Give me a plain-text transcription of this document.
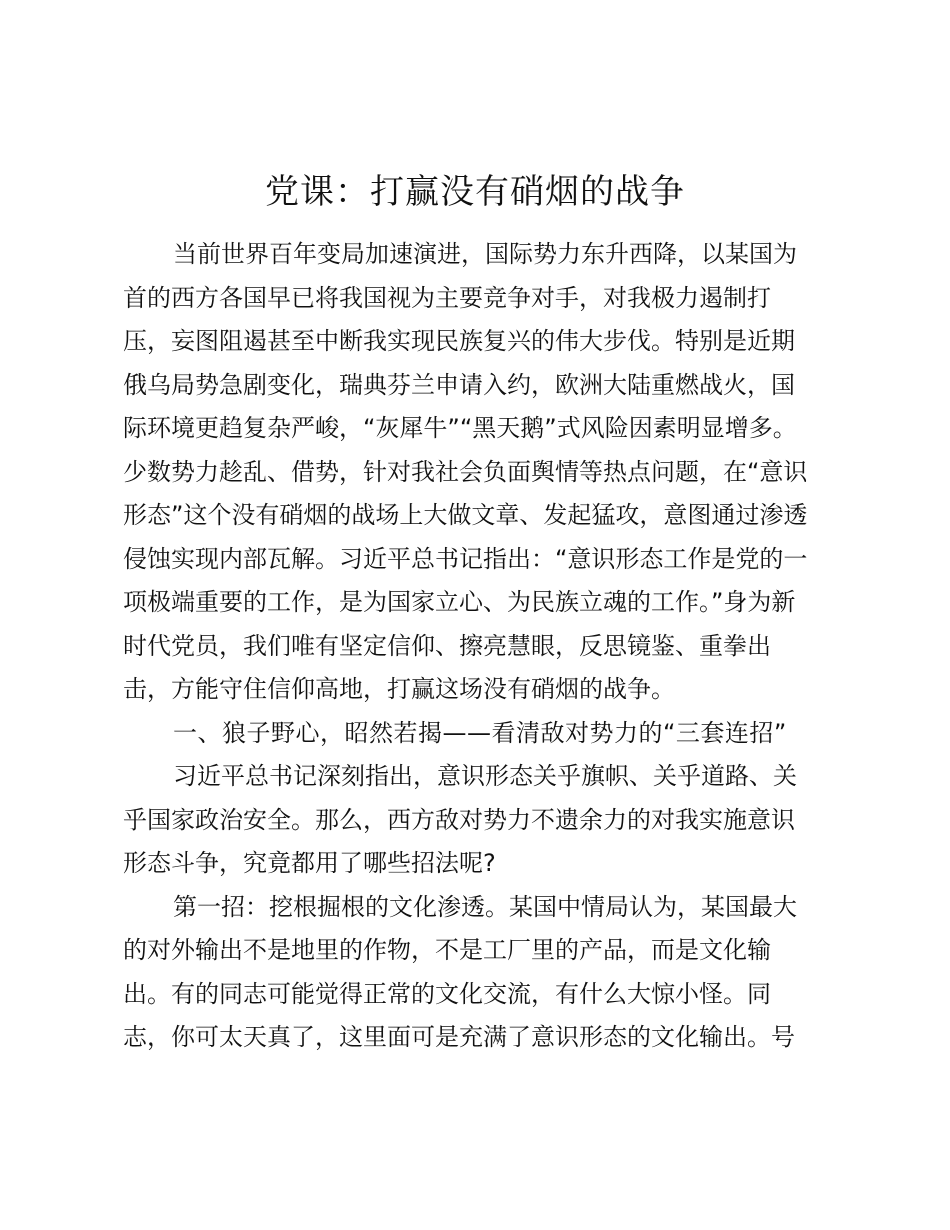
党课：打赢没有硝烟的战争
当前世界百年变局加速演进，国际势力东升西降，以某国为
首的西方各国早已将我国视为主要竞争对手，对我极力遏制打
压，妄图阻遏甚至中断我实现民族复兴的伟大步伐。特别是近期
俄乌局势急剧变化，瑞典芬兰申请入约，欧洲大陆重燃战火，国
际环境更趋复杂严峻，“灰犀牛”“黑天鹅”式风险因素明显增多。
少数势力趁乱、借势，针对我社会负面舆情等热点问题，在“意识
形态”这个没有硝烟的战场上大做文章、发起猛攻，意图通过渗透
侵蚀实现内部瓦解。习近平总书记指出：“意识形态工作是党的一
项极端重要的工作，是为国家立心、为民族立魂的工作。”身为新
时代党员，我们唯有坚定信仰、擦亮慧眼，反思镜鉴、重拳出
击，方能守住信仰高地，打赢这场没有硝烟的战争。
一、狼子野心，昭然若揭——看清敌对势力的“三套连招”
习近平总书记深刻指出，意识形态关乎旗帜、关乎道路、关
乎国家政治安全。那么，西方敌对势力不遗余力的对我实施意识
形态斗争，究竟都用了哪些招法呢?
第一招：挖根掘根的文化渗透。某国中情局认为，某国最大
的对外输出不是地里的作物，不是工厂里的产品，而是文化输
出。有的同志可能觉得正常的文化交流，有什么大惊小怪。同
志，你可太天真了，这里面可是充满了意识形态的文化输出。号
